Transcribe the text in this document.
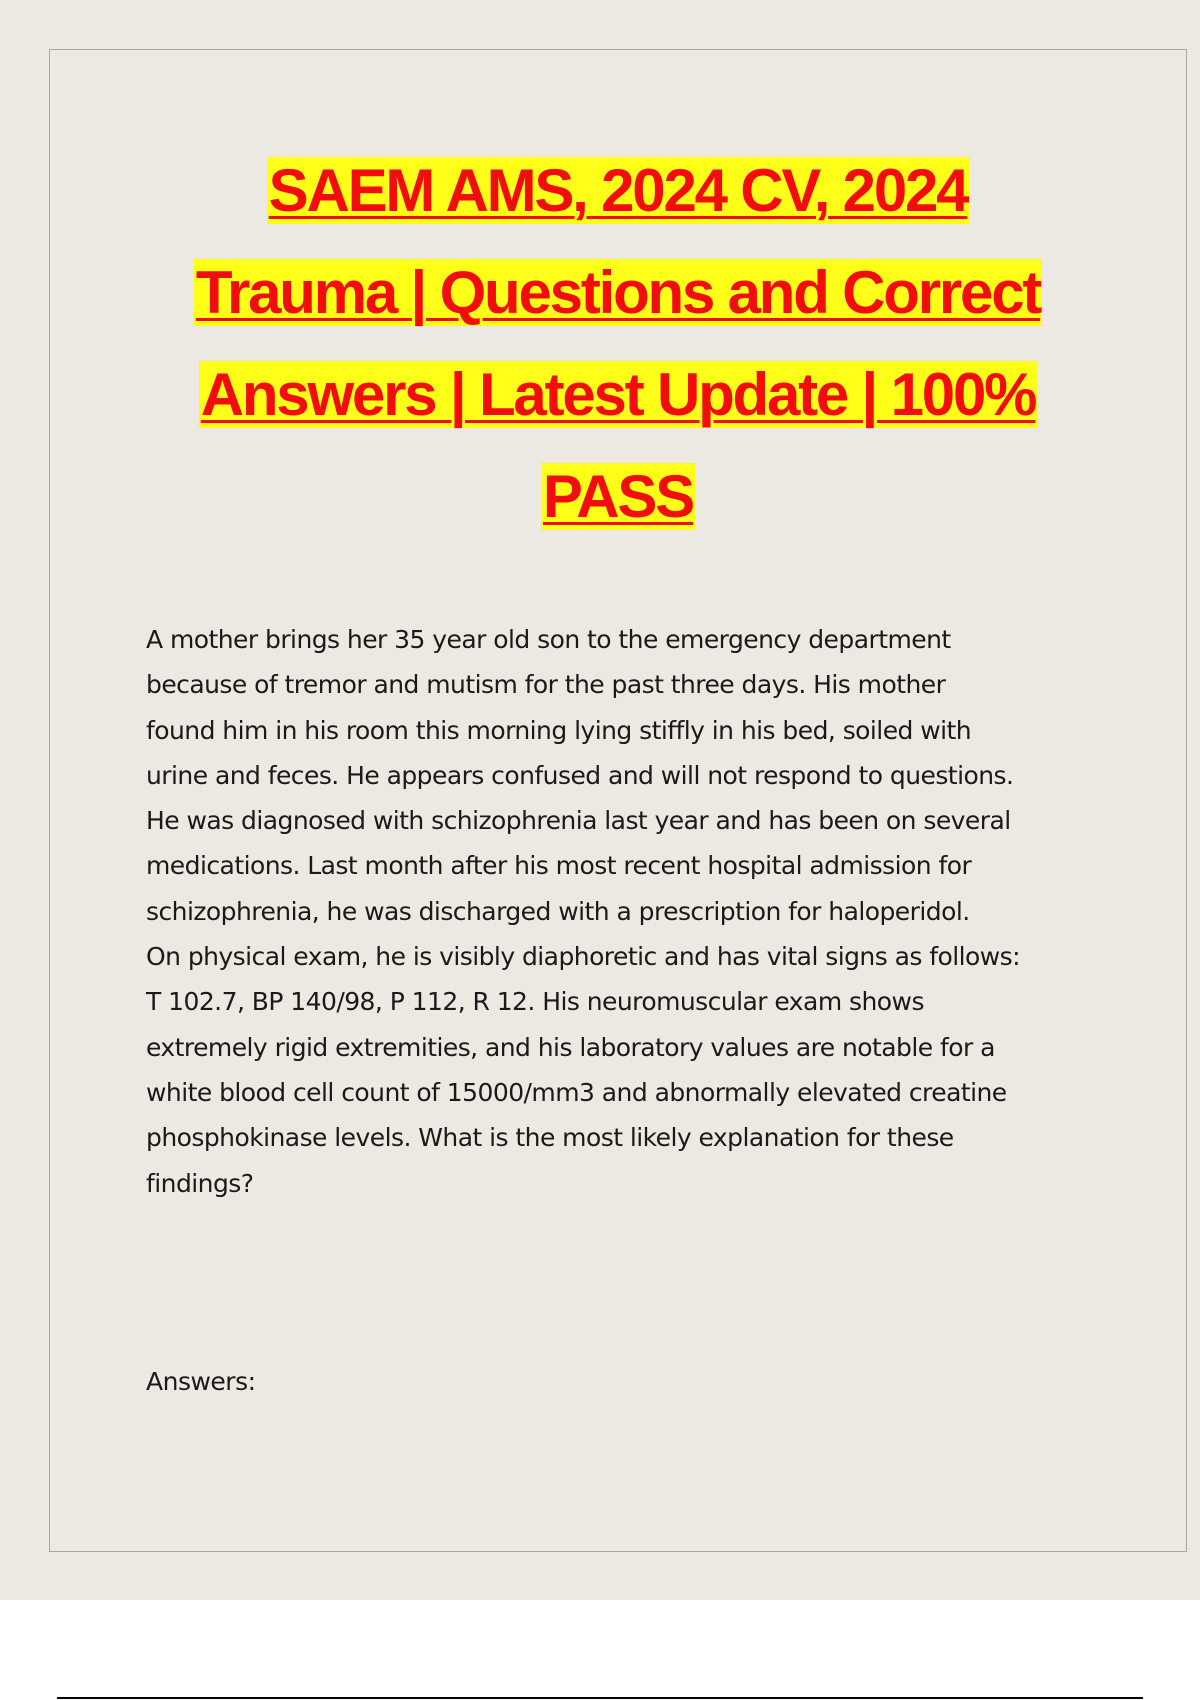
SAEM AMS, 2024 CV, 2024
Trauma | Questions and Correct
Answers | Latest Update | 100%
PASS
A mother brings her 35 year old son to the emergency department
because of tremor and mutism for the past three days. His mother
found him in his room this morning lying stiffly in his bed, soiled with
urine and feces. He appears confused and will not respond to questions.
He was diagnosed with schizophrenia last year and has been on several
medications. Last month after his most recent hospital admission for
schizophrenia, he was discharged with a prescription for haloperidol.
On physical exam, he is visibly diaphoretic and has vital signs as follows:
T 102.7, BP 140/98, P 112, R 12. His neuromuscular exam shows
extremely rigid extremities, and his laboratory values are notable for a
white blood cell count of 15000/mm3 and abnormally elevated creatine
phosphokinase levels. What is the most likely explanation for these
findings?
Answers:
